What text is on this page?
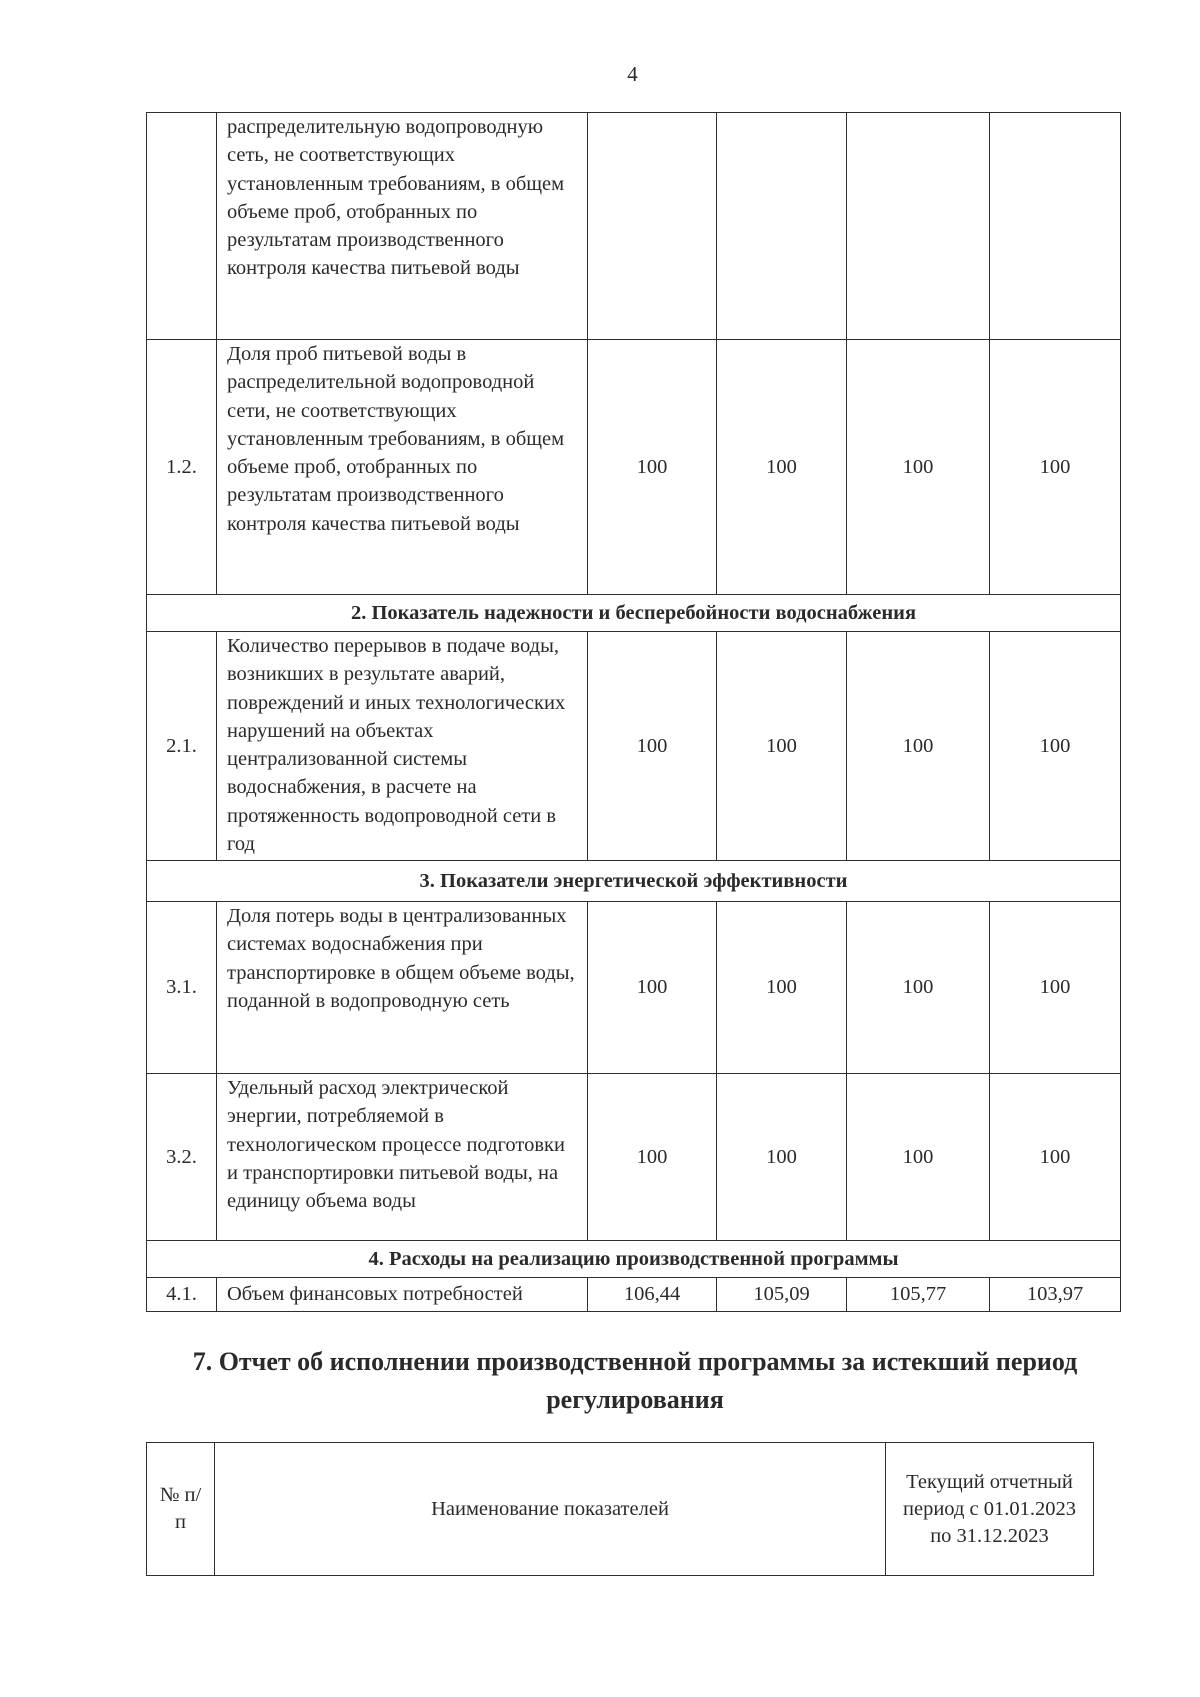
4
	распределительную водопроводную сеть, не соответствующих установленным требованиям, в общем объеме проб, отобранных по результатам производственного контроля качества питьевой воды				
1.2.	Доля проб питьевой воды в распределительной водопроводной сети, не соответствующих установленным требованиям, в общем объеме проб, отобранных по результатам производственного контроля качества питьевой воды	100	100	100	100
2. Показатель надежности и бесперебойности водоснабжения					
2.1.	Количество перерывов в подаче воды, возникших в результате аварий, повреждений и иных технологических нарушений на объектах централизованной системы водоснабжения, в расчете на протяженность водопроводной сети в год	100	100	100	100
3. Показатели энергетической эффективности					
3.1.	Доля потерь воды в централизованных системах водоснабжения при транспортировке в общем объеме воды, поданной в водопроводную сеть	100	100	100	100
3.2.	Удельный расход электрической энергии, потребляемой в технологическом процессе подготовки и транспортировки питьевой воды, на единицу объема воды	100	100	100	100
4. Расходы на реализацию производственной программы					
4.1.	Объем финансовых потребностей	106,44	105,09	105,77	103,97
7. Отчет об исполнении производственной программы за истекший период регулирования
№ п/п	Наименование показателей	Текущий отчетный период с 01.01.2023 по 31.12.2023
